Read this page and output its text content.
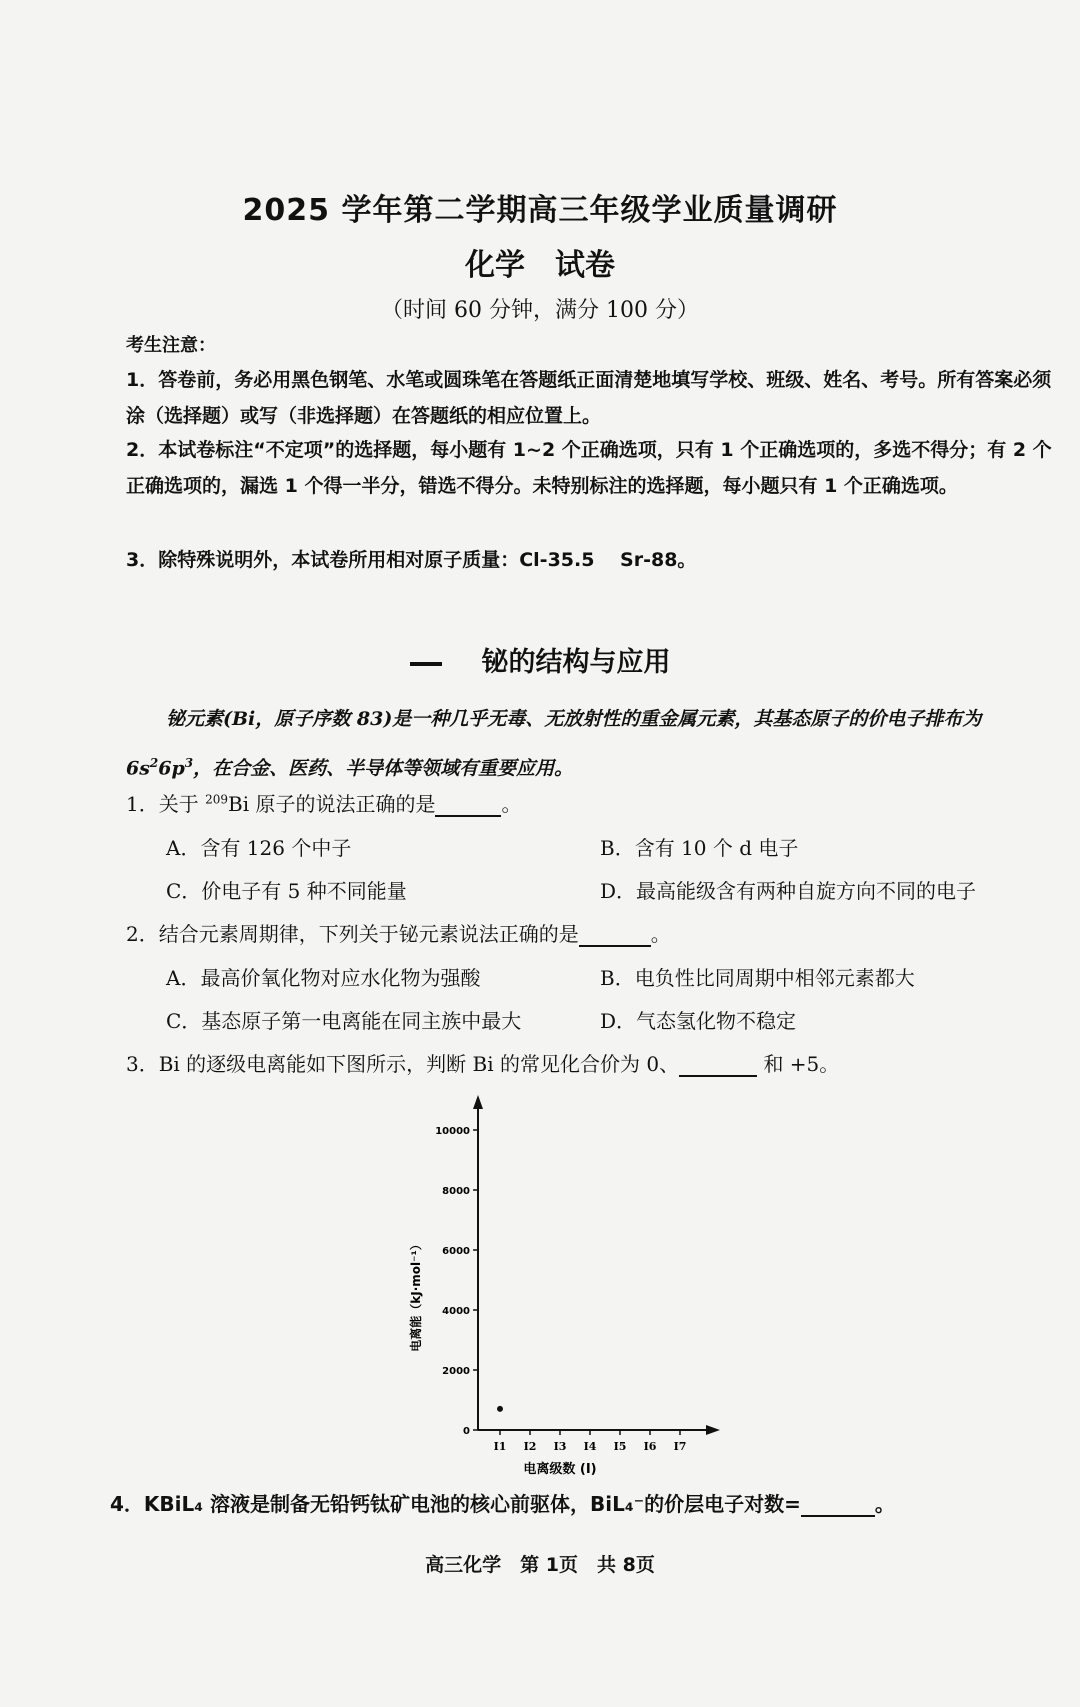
2025 学年第二学期高三年级学业质量调研
化学　试卷
（时间 60 分钟，满分 100 分）
考生注意：
1．答卷前，务必用黑色钢笔、水笔或圆珠笔在答题纸正面清楚地填写学校、班级、姓名、考号。所有答案必须涂（选择题）或写（非选择题）在答题纸的相应位置上。
2．本试卷标注“不定项”的选择题，每小题有 1~2 个正确选项，只有 1 个正确选项的，多选不得分；有 2 个正确选项的，漏选 1 个得一半分，错选不得分。未特别标注的选择题，每小题只有 1 个正确选项。
3．除特殊说明外，本试卷所用相对原子质量：Cl-35.5　 Sr-88。
铋的结构与应用
铋元素(Bi，原子序数 83)是一种几乎无毒、无放射性的重金属元素，其基态原子的价电子排布为 $6s^26p^3$，在合金、医药、半导体等领域有重要应用。
1．关于 $^{209}$Bi 原子的说法正确的是	。
A．含有 126 个中子	B．含有 10 个 d 电子
C．价电子有 5 种不同能量	D．最高能级含有两种自旋方向不同的电子
2．结合元素周期律，下列关于铋元素说法正确的是	。
A．最高价氧化物对应水化物为强酸	B．电负性比同周期中相邻元素都大
C．基态原子第一电离能在同主族中最大	D．气态氢化物不稳定
3．Bi 的逐级电离能如下图所示，判断 Bi 的常见化合价为 0、	和 +5。
0
2000
4000
6000
8000
10000
I1 I2 I3 I4 I5 I6 I7
电离能（kJ·mol⁻¹）
电离级数 (I)
4．KBiL₄ 溶液是制备无铅钙钛矿电池的核心前驱体，BiL₄⁻的价层电子对数=	。
高三化学　第 1页　共 8页
